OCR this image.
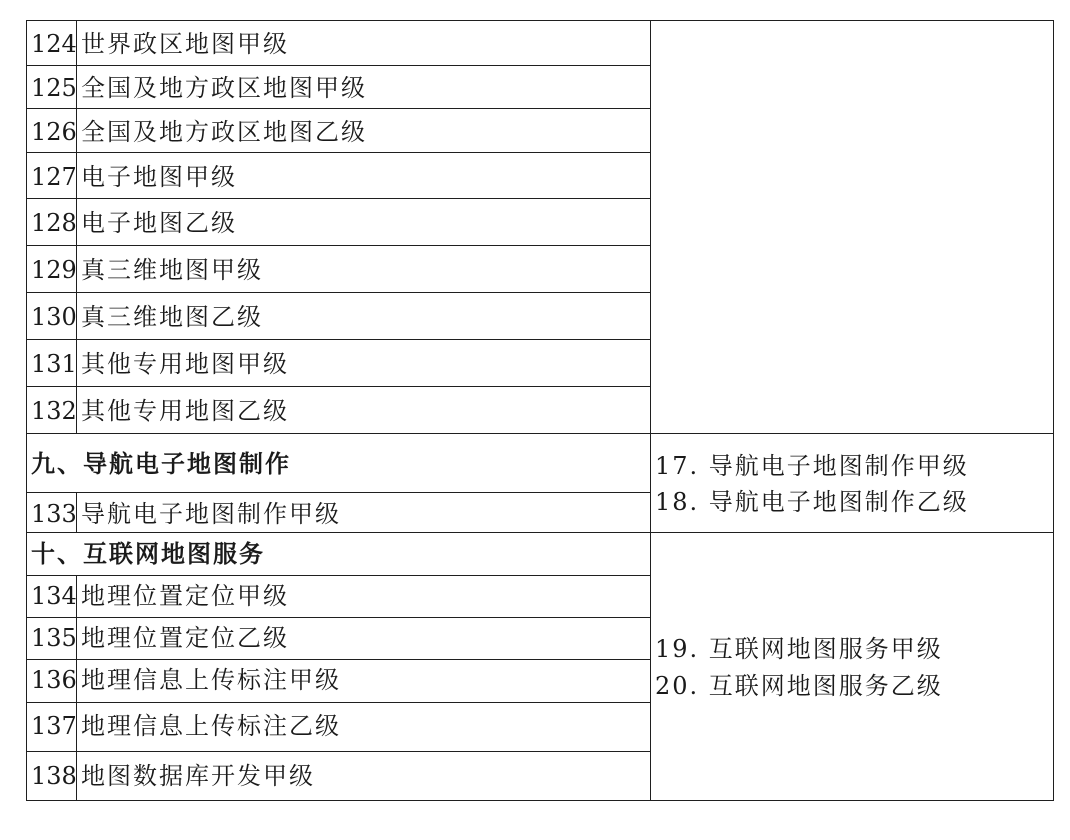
124 世界政区地图甲级
125 全国及地方政区地图甲级
126 全国及地方政区地图乙级
127 电子地图甲级
128 电子地图乙级
129 真三维地图甲级
130 真三维地图乙级
131 其他专用地图甲级
132 其他专用地图乙级
九、导航电子地图制作
133 导航电子地图制作甲级
17. 导航电子地图制作甲级
18. 导航电子地图制作乙级
十、互联网地图服务
134 地理位置定位甲级
135 地理位置定位乙级
136 地理信息上传标注甲级
137 地理信息上传标注乙级
138 地图数据库开发甲级
19. 互联网地图服务甲级
20. 互联网地图服务乙级
